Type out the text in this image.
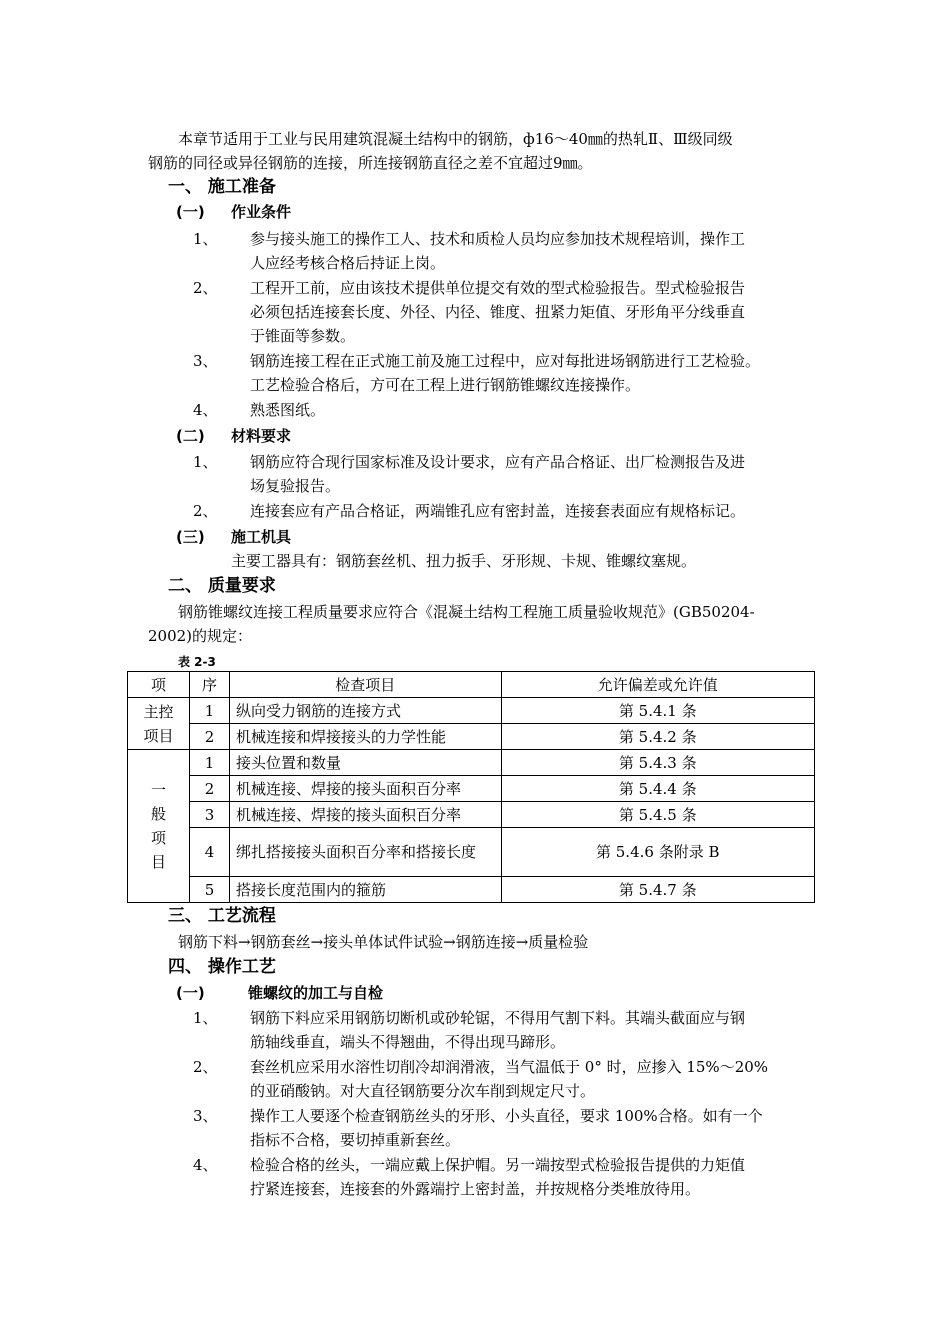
本章节适用于工业与民用建筑混凝土结构中的钢筋，ф16～40㎜的热轧Ⅱ、Ⅲ级同级
钢筋的同径或异径钢筋的连接，所连接钢筋直径之差不宜超过9㎜。
一、 施工准备
(一) 作业条件
1、 参与接头施工的操作工人、技术和质检人员均应参加技术规程培训，操作工
人应经考核合格后持证上岗。
2、 工程开工前，应由该技术提供单位提交有效的型式检验报告。型式检验报告
必须包括连接套长度、外径、内径、锥度、扭紧力矩值、牙形角平分线垂直
于锥面等参数。
3、 钢筋连接工程在正式施工前及施工过程中，应对每批进场钢筋进行工艺检验。
工艺检验合格后，方可在工程上进行钢筋锥螺纹连接操作。
4、 熟悉图纸。
(二) 材料要求
1、 钢筋应符合现行国家标准及设计要求，应有产品合格证、出厂检测报告及进
场复验报告。
2、 连接套应有产品合格证，两端锥孔应有密封盖，连接套表面应有规格标记。
(三) 施工机具
主要工器具有：钢筋套丝机、扭力扳手、牙形规、卡规、锥螺纹塞规。
二、 质量要求
钢筋锥螺纹连接工程质量要求应符合《混凝土结构工程施工质量验收规范》(GB50204-
2002)的规定：
表 2-3
项	序	检查项目	允许偏差或允许值
主控项目	1	纵向受力钢筋的连接方式	第 5.4.1 条
	2	机械连接和焊接接头的力学性能	第 5.4.2 条
一般项目	1	接头位置和数量	第 5.4.3 条
	2	机械连接、焊接的接头面积百分率	第 5.4.4 条
	3	机械连接、焊接的接头面积百分率	第 5.4.5 条
	4	绑扎搭接接头面积百分率和搭接长度	第 5.4.6 条附录 B
	5	搭接长度范围内的箍筋	第 5.4.7 条
三、 工艺流程
钢筋下料→钢筋套丝→接头单体试件试验→钢筋连接→质量检验
四、 操作工艺
(一)	锥螺纹的加工与自检
1、 钢筋下料应采用钢筋切断机或砂轮锯，不得用气割下料。其端头截面应与钢
筋轴线垂直，端头不得翘曲，不得出现马蹄形。
2、 套丝机应采用水溶性切削冷却润滑液，当气温低于 0° 时，应掺入 15%～20%
的亚硝酸钠。对大直径钢筋要分次车削到规定尺寸。
3、 操作工人要逐个检查钢筋丝头的牙形、小头直径，要求 100%合格。如有一个
指标不合格，要切掉重新套丝。
4、 检验合格的丝头，一端应戴上保护帽。另一端按型式检验报告提供的力矩值
拧紧连接套，连接套的外露端拧上密封盖，并按规格分类堆放待用。
